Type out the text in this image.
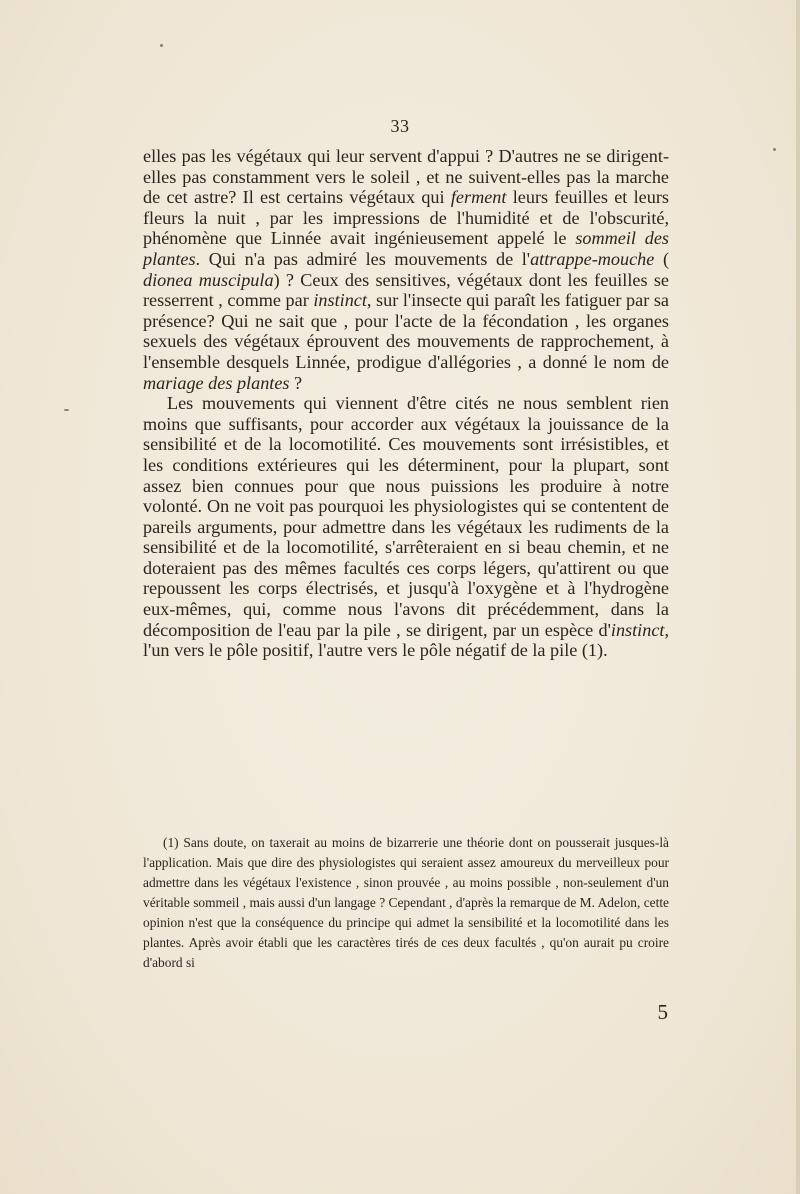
33

elles pas les végétaux qui leur servent d'appui ? D'autres ne se dirigent-elles pas constamment vers le soleil , et ne suivent-elles pas la marche de cet astre? Il est certains végétaux qui ferment leurs feuilles et leurs fleurs la nuit , par les impressions de l'humidité et de l'obscurité, phénomène que Linnée avait ingénieusement appelé le sommeil des plantes. Qui n'a pas admiré les mouvements de l'attrappe-mouche ( dionea muscipula) ? Ceux des sensitives, végétaux dont les feuilles se resserrent , comme par instinct, sur l'insecte qui paraît les fatiguer par sa présence? Qui ne sait que , pour l'acte de la fécondation , les organes sexuels des végétaux éprouvent des mouvements de rapprochement, à l'ensemble desquels Linnée, prodigue d'allégories , a donné le nom de mariage des plantes ?

Les mouvements qui viennent d'être cités ne nous semblent rien moins que suffisants, pour accorder aux végétaux la jouissance de la sensibilité et de la locomotilité. Ces mouvements sont irrésistibles, et les conditions extérieures qui les déterminent, pour la plupart, sont assez bien connues pour que nous puissions les produire à notre volonté. On ne voit pas pourquoi les physiologistes qui se contentent de pareils arguments, pour admettre dans les végétaux les rudiments de la sensibilité et de la locomotilité, s'arrêteraient en si beau chemin, et ne doteraient pas des mêmes facultés ces corps légers, qu'attirent ou que repoussent les corps électrisés, et jusqu'à l'oxygène et à l'hydrogène eux-mêmes, qui, comme nous l'avons dit précédemment, dans la décomposition de l'eau par la pile , se dirigent, par un espèce d'instinct, l'un vers le pôle positif, l'autre vers le pôle négatif de la pile (1).

(1) Sans doute, on taxerait au moins de bizarrerie une théorie dont on pousserait jusques-là l'application. Mais que dire des physiologistes qui seraient assez amoureux du merveilleux pour admettre dans les végétaux l'existence , sinon prouvée , au moins possible , non-seulement d'un véritable sommeil , mais aussi d'un langage ? Cependant , d'après la remarque de M. Adelon, cette opinion n'est que la conséquence du principe qui admet la sensibilité et la locomotilité dans les plantes. Après avoir établi que les caractères tirés de ces deux facultés , qu'on aurait pu croire d'abord si
5
